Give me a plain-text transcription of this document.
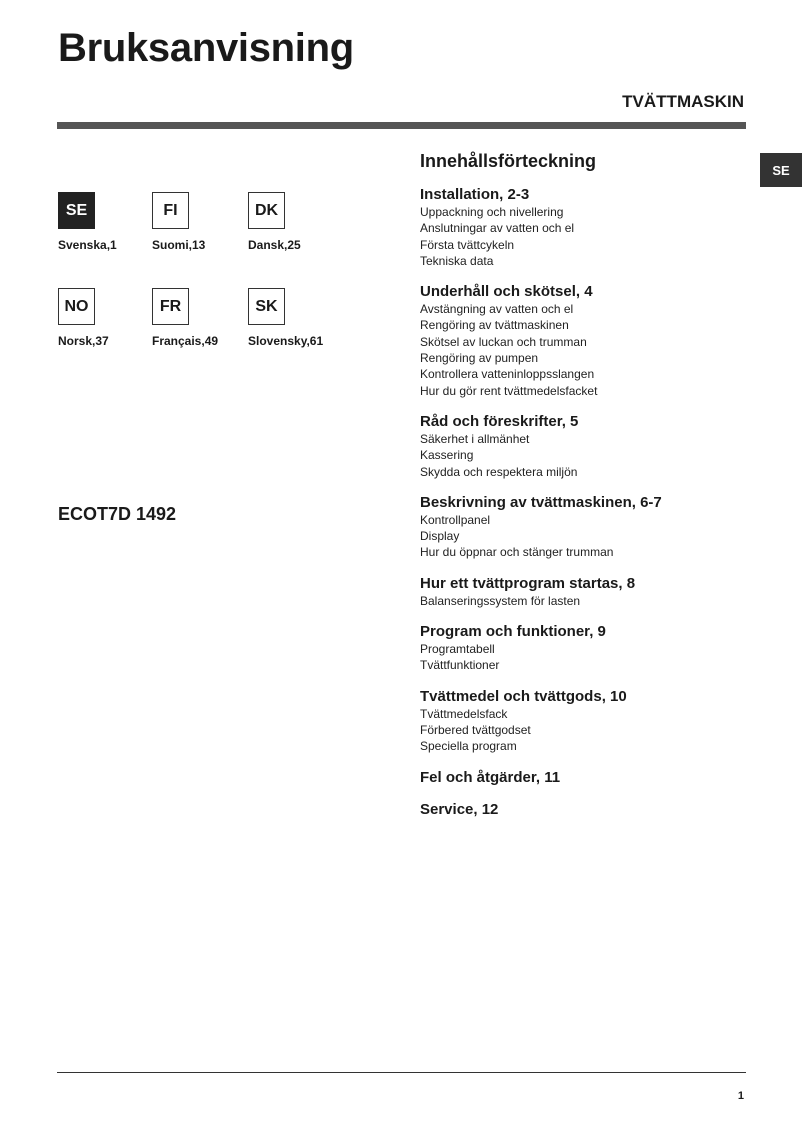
Bruksanvisning
TVÄTTMASKIN
SE
SE
Svenska,1
FI
Suomi,13
DK
Dansk,25
NO
Norsk,37
FR
Français,49
SK
Slovensky,61
ECOT7D 1492
Innehållsförteckning
Installation, 2-3
Uppackning och nivellering
Anslutningar av vatten och el
Första tvättcykeln
Tekniska data
Underhåll och skötsel, 4
Avstängning av vatten och el
Rengöring av tvättmaskinen
Skötsel av luckan och trumman
Rengöring av pumpen
Kontrollera vatteninloppsslangen
Hur du gör rent tvättmedelsfacket
Råd och föreskrifter, 5
Säkerhet i allmänhet
Kassering
Skydda och respektera miljön
Beskrivning av tvättmaskinen, 6-7
Kontrollpanel
Display
Hur du öppnar och stänger trumman
Hur ett tvättprogram startas, 8
Balanseringssystem för lasten
Program och funktioner, 9
Programtabell
Tvättfunktioner
Tvättmedel och tvättgods, 10
Tvättmedelsfack
Förbered tvättgodset
Speciella program
Fel och åtgärder, 11
Service, 12
1
